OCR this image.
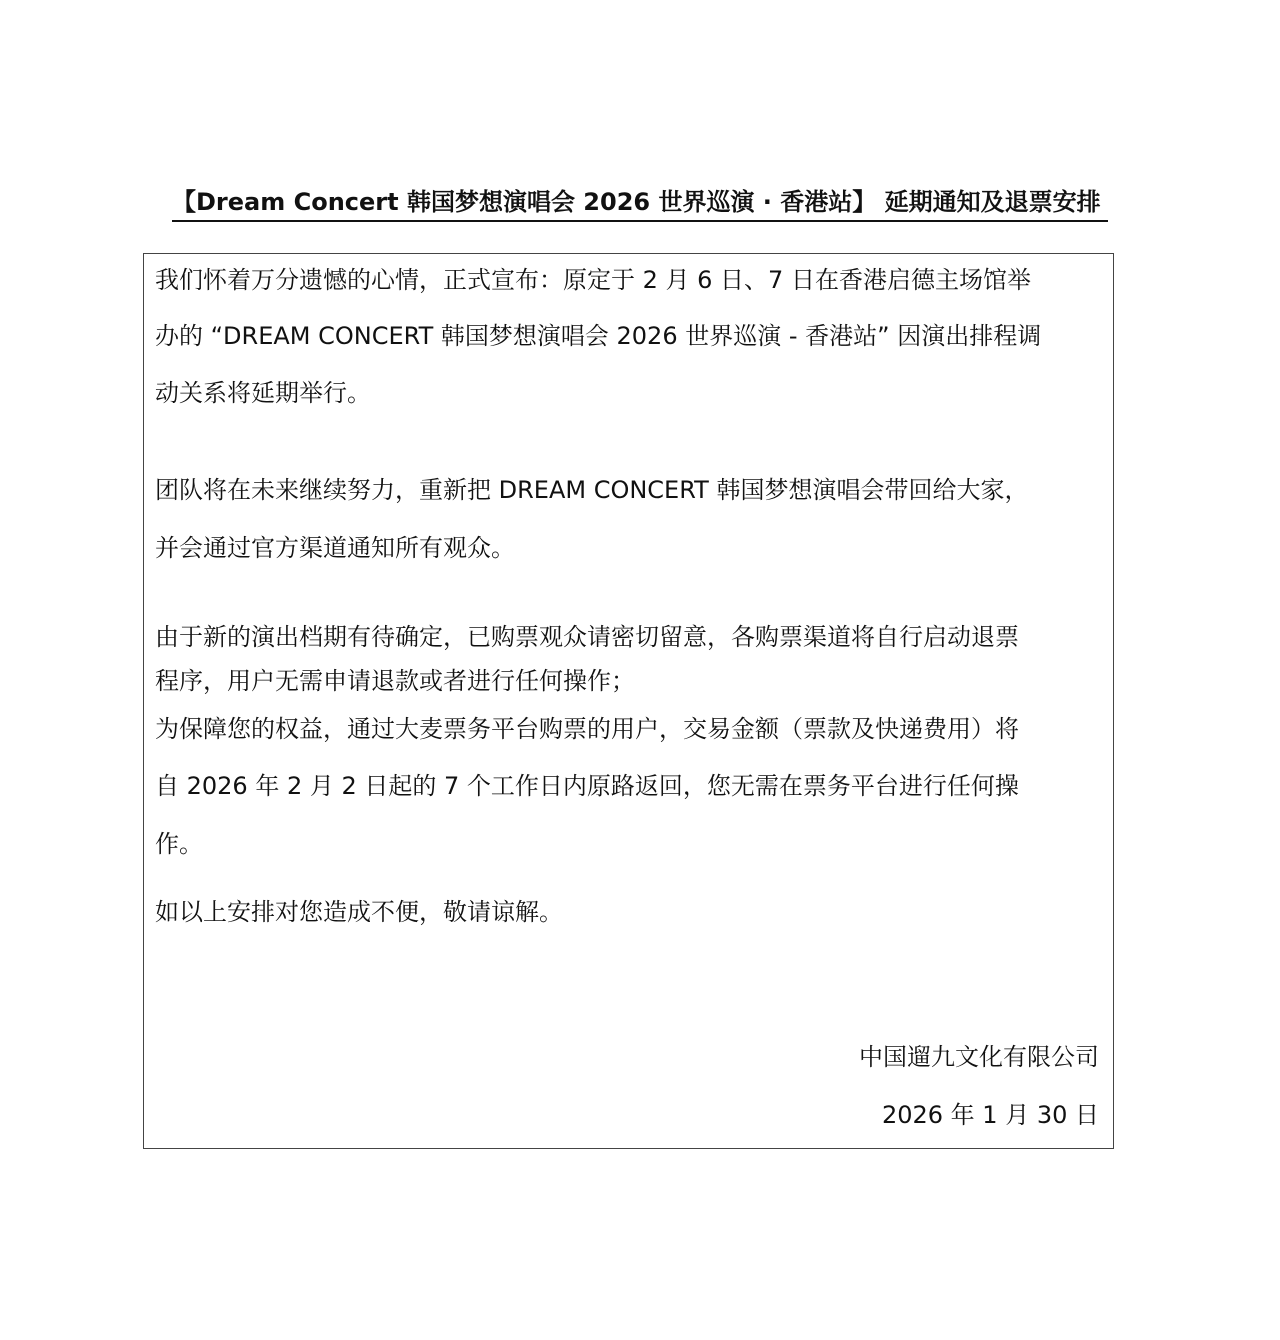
【Dream Concert 韩国梦想演唱会 2026 世界巡演 · 香港站】 延期通知及退票安排
我们怀着万分遗憾的心情，正式宣布：原定于 2 月 6 日、7 日在香港启德主场馆举
办的 “DREAM CONCERT 韩国梦想演唱会 2026 世界巡演 - 香港站” 因演出排程调
动关系将延期举行。
团队将在未来继续努力，重新把 DREAM CONCERT 韩国梦想演唱会带回给大家，
并会通过官方渠道通知所有观众。
由于新的演出档期有待确定，已购票观众请密切留意，各购票渠道将自行启动退票
程序，用户无需申请退款或者进行任何操作；
为保障您的权益，通过大麦票务平台购票的用户，交易金额（票款及快递费用）将
自 2026 年 2 月 2 日起的 7 个工作日内原路返回，您无需在票务平台进行任何操
作。
如以上安排对您造成不便，敬请谅解。
中国遛九文化有限公司
2026 年 1 月 30 日
